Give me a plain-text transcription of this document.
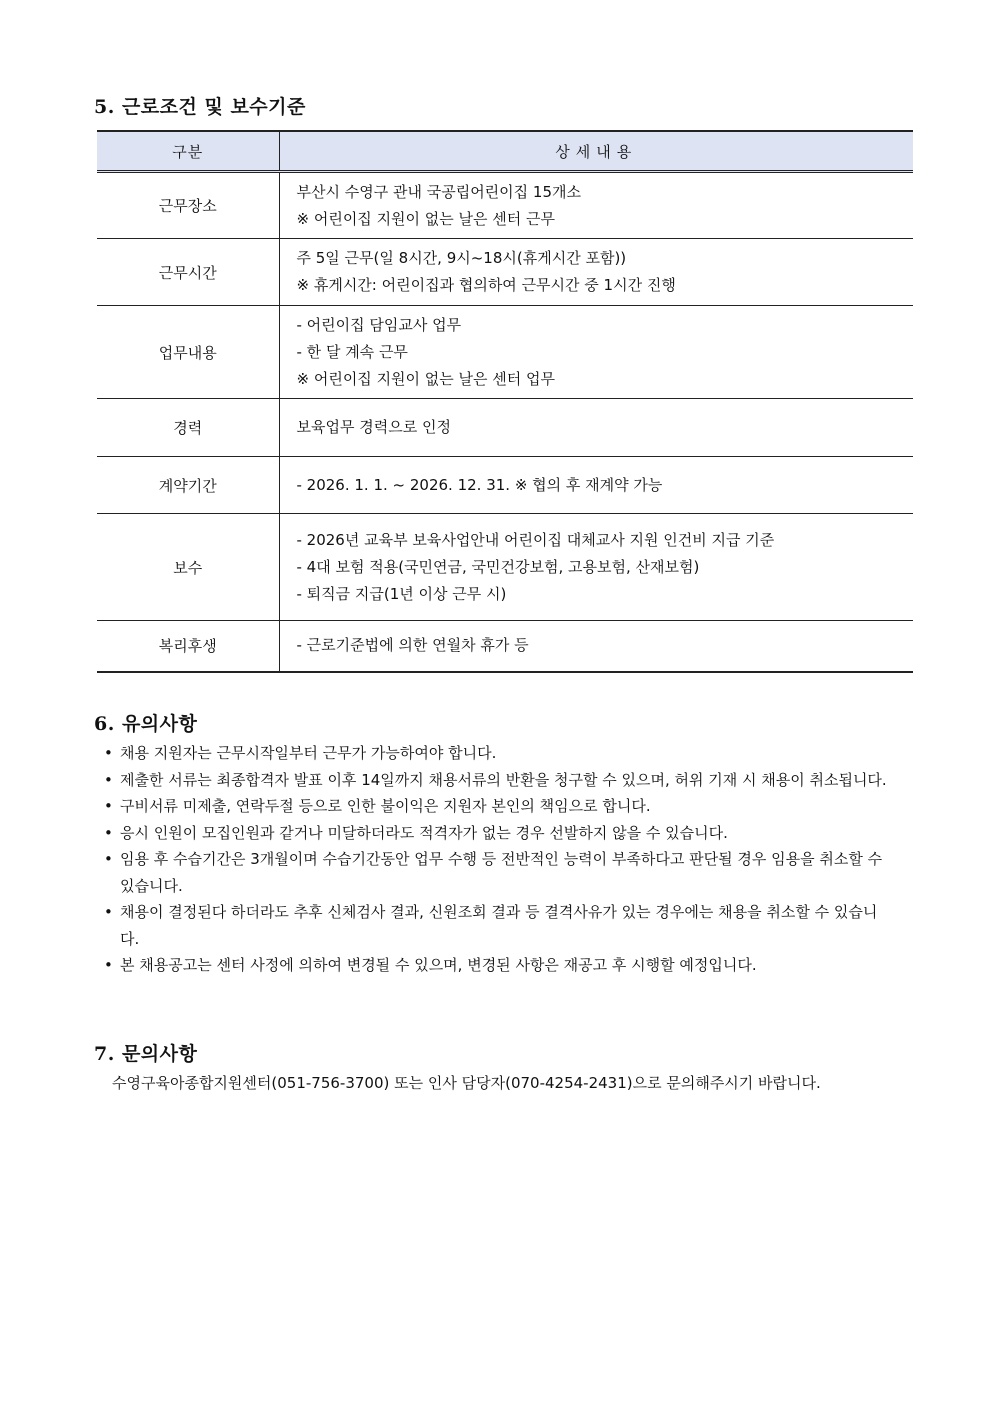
5. 근로조건 및 보수기준
구분	상세내용
근무장소	부산시 수영구 관내 국공립어린이집 15개소
※ 어린이집 지원이 없는 날은 센터 근무

근무시간	주 5일 근무(일 8시간, 9시~18시(휴게시간 포함))
※ 휴게시간: 어린이집과 협의하여 근무시간 중 1시간 진행

업무내용	- 어린이집 담임교사 업무
- 한 달 계속 근무
※ 어린이집 지원이 없는 날은 센터 업무

경력	보육업무 경력으로 인정

계약기간	- 2026. 1. 1. ~ 2026. 12. 31. ※ 협의 후 재계약 가능

보수	- 2026년 교육부 보육사업안내 어린이집 대체교사 지원 인건비 지급 기준
- 4대 보험 적용(국민연금, 국민건강보험, 고용보험, 산재보험)
- 퇴직금 지급(1년 이상 근무 시)

복리후생	- 근로기준법에 의한 연월차 휴가 등
6. 유의사항
• 채용 지원자는 근무시작일부터 근무가 가능하여야 합니다.
• 제출한 서류는 최종합격자 발표 이후 14일까지 채용서류의 반환을 청구할 수 있으며, 허위 기재 시 채용이 취소됩니다.
• 구비서류 미제출, 연락두절 등으로 인한 불이익은 지원자 본인의 책임으로 합니다.
• 응시 인원이 모집인원과 같거나 미달하더라도 적격자가 없는 경우 선발하지 않을 수 있습니다.
• 임용 후 수습기간은 3개월이며 수습기간동안 업무 수행 등 전반적인 능력이 부족하다고 판단될 경우 임용을 취소할 수 있습니다.
• 채용이 결정된다 하더라도 추후 신체검사 결과, 신원조회 결과 등 결격사유가 있는 경우에는 채용을 취소할 수 있습니다.
• 본 채용공고는 센터 사정에 의하여 변경될 수 있으며, 변경된 사항은 재공고 후 시행할 예정입니다.
7. 문의사항
수영구육아종합지원센터(051-756-3700) 또는 인사 담당자(070-4254-2431)으로 문의해주시기 바랍니다.
